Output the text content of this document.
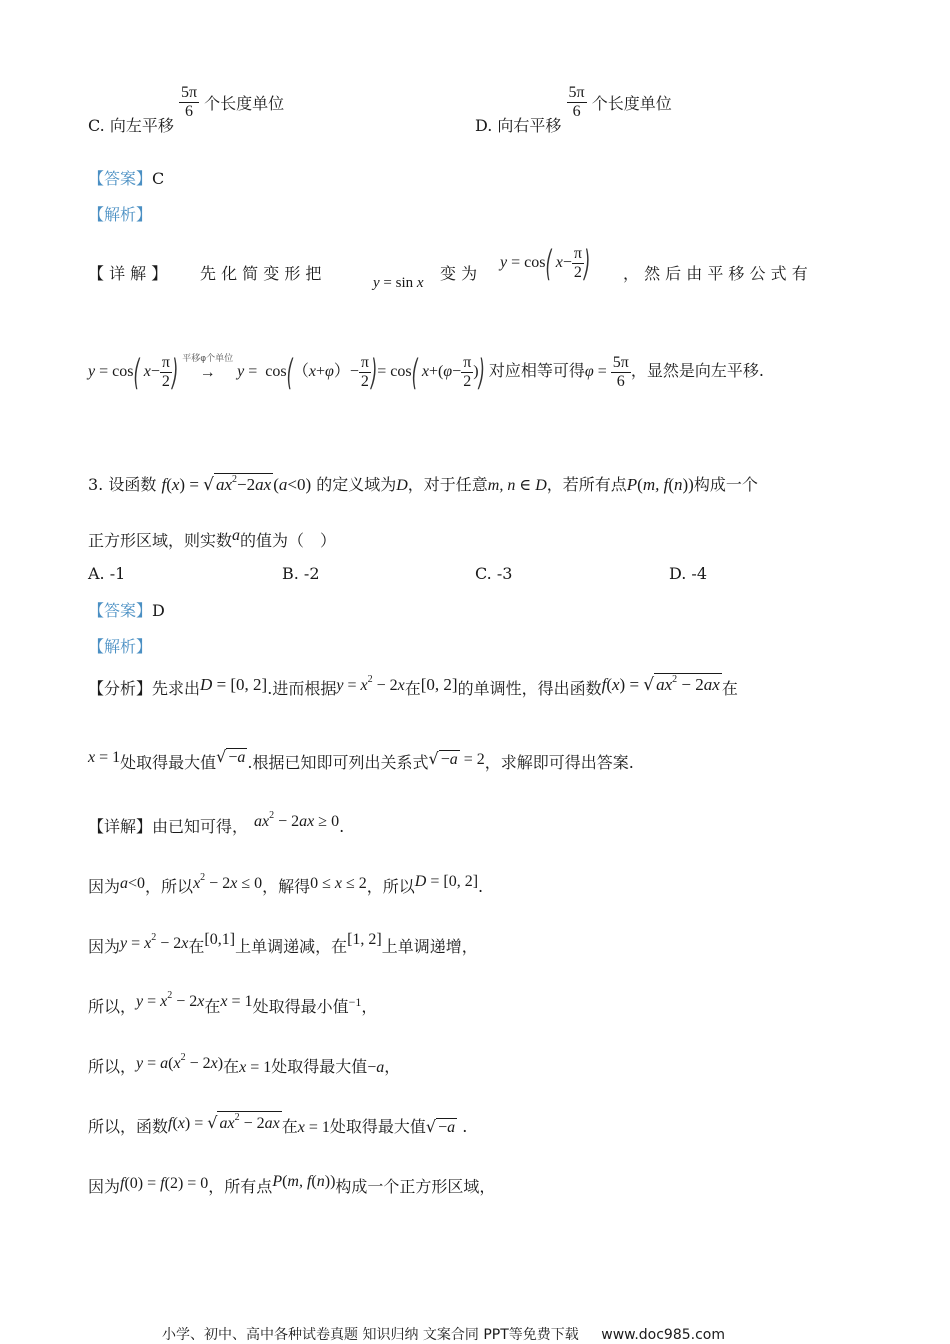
C. 向左平移
$\frac{5\pi}{6}$ 个长度单位
D. 向右平移
$\frac{5\pi}{6}$ 个长度单位
【答案】C
【解析】
【 详 解 】 先 化 简 变 形 把	y = sin x 变 为
y = cos( $x- \frac{\pi}{2}$ ) ， 然 后 由 平 移 公 式 有
y = cos( $x- \frac{\pi}{2}$ ) 平移φ个单位
→ $y = \cos((x+\varphi)- \frac{\pi}{2}$ )= cos( $x+(\varphi- \frac{\pi}{2}$ )) 对应相等可得$\varphi = \frac{5\pi}{6}$ ，显然是向左平移.
3. 设函数 f(x) = √ $ax^2-2ax$ (a<0) 的定义域为D，对于任意m, n ∈ D，若所有点P(m, f(n))构成一个
正方形区域，则实数a的值为（　）
A. -1	B. -2	C. -3	D. -4
【答案】D
【解析】
【分析】先求出D = [0, 2].进而根据$y = x^2 - 2x$在[0, 2]的单调性，得出函数f(x) = √ $ax^2 - 2ax$ 在
x = 1处取得最大值√ −a .根据已知即可列出关系式√ −a = 2，求解即可得出答案.
【详解】由已知可得， $ax^2 - 2ax \ge 0$.
因为a<0，所以$x^2 - 2x \le 0$，解得0 ≤ x ≤ 2，所以D = [0, 2].
因为$y = x^2 - 2x$在[0,1]上单调递减，在[1, 2]上单调递增，
所以，$y = x^2 - 2x$在x = 1处取得最小值$^{-1}$，
所以，$y = a(x^2 - 2x)$在x = 1处取得最大值−a，
所以，函数f(x) = √ $ax^2 - 2ax$ 在x = 1处取得最大值√ −a .
因为f(0) = f(2) = 0，所有点P(m, f(n))构成一个正方形区域，
小学、初中、高中各种试卷真题 知识归纳 文案合同 PPT等免费下载 www.doc985.com
